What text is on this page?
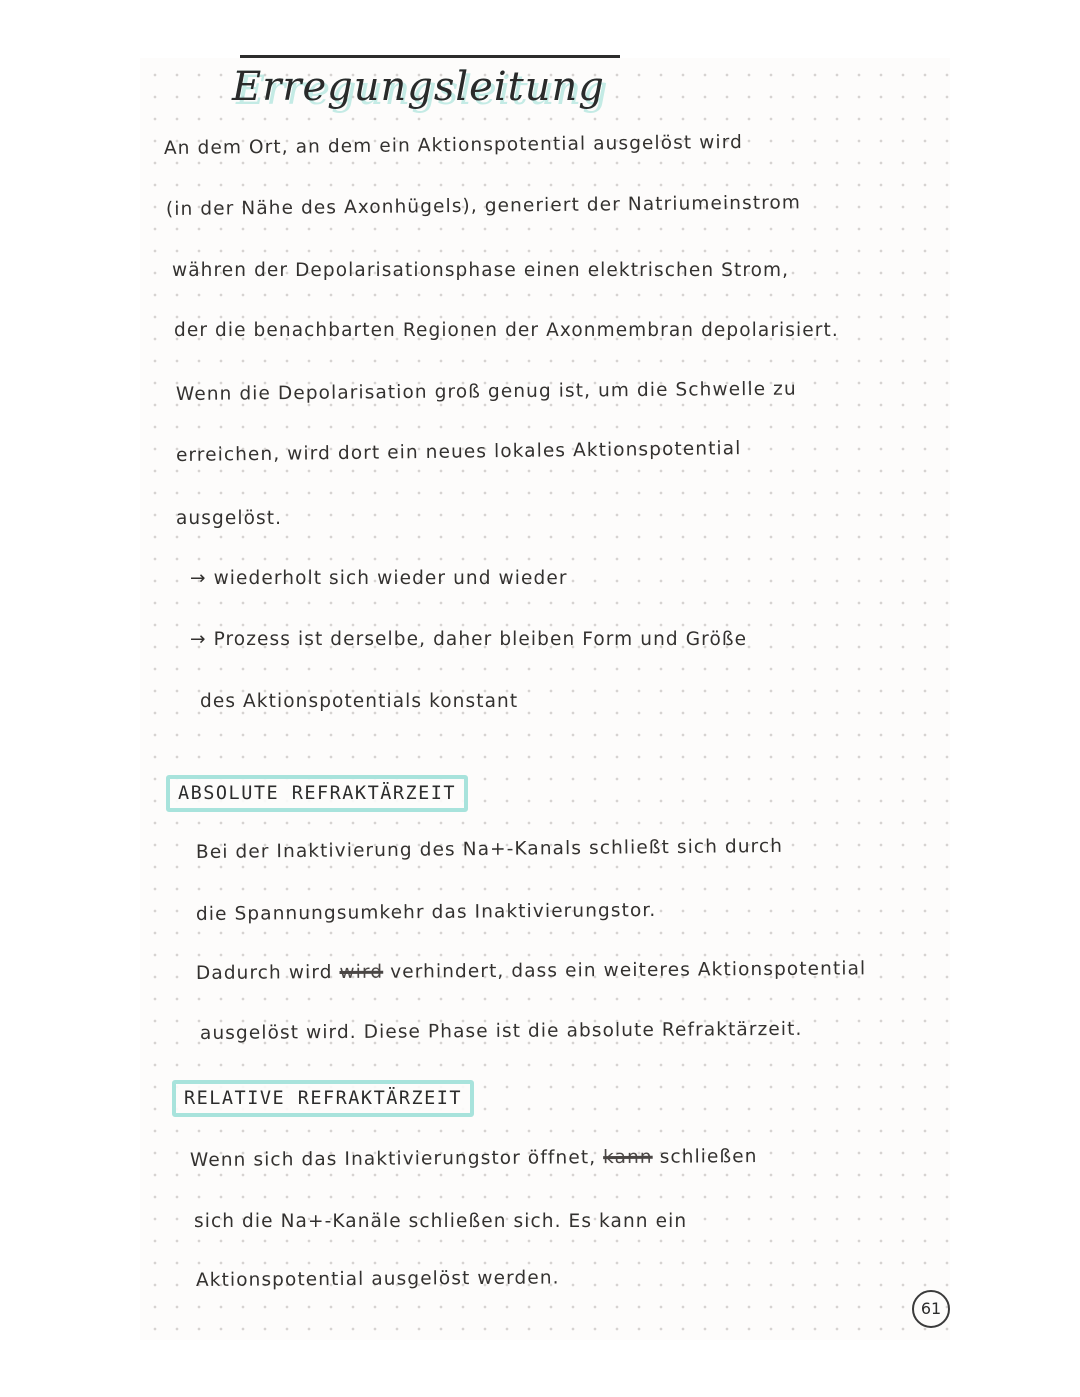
Erregungsleitung
An dem Ort, an dem ein Aktionspotential ausgelöst wird
(in der Nähe des Axonhügels), generiert der Natriumeinstrom
währen der Depolarisationsphase einen elektrischen Strom,
der die benachbarten Regionen der Axonmembran depolarisiert.
Wenn die Depolarisation groß genug ist, um die Schwelle zu
erreichen, wird dort ein neues lokales Aktionspotential
ausgelöst.
→ wiederholt sich wieder und wieder
→ Prozess ist derselbe, daher bleiben Form und Größe
des Aktionspotentials konstant
ABSOLUTE REFRAKTÄRZEIT
Bei der Inaktivierung des Na+-Kanals schließt sich durch
die Spannungsumkehr das Inaktivierungstor.
Dadurch wird wird verhindert, dass ein weiteres Aktionspotential
ausgelöst wird. Diese Phase ist die absolute Refraktärzeit.
RELATIVE REFRAKTÄRZEIT
Wenn sich das Inaktivierungstor öffnet, kann schließen
sich die Na+-Kanäle schließen sich. Es kann ein
Aktionspotential ausgelöst werden.
61
